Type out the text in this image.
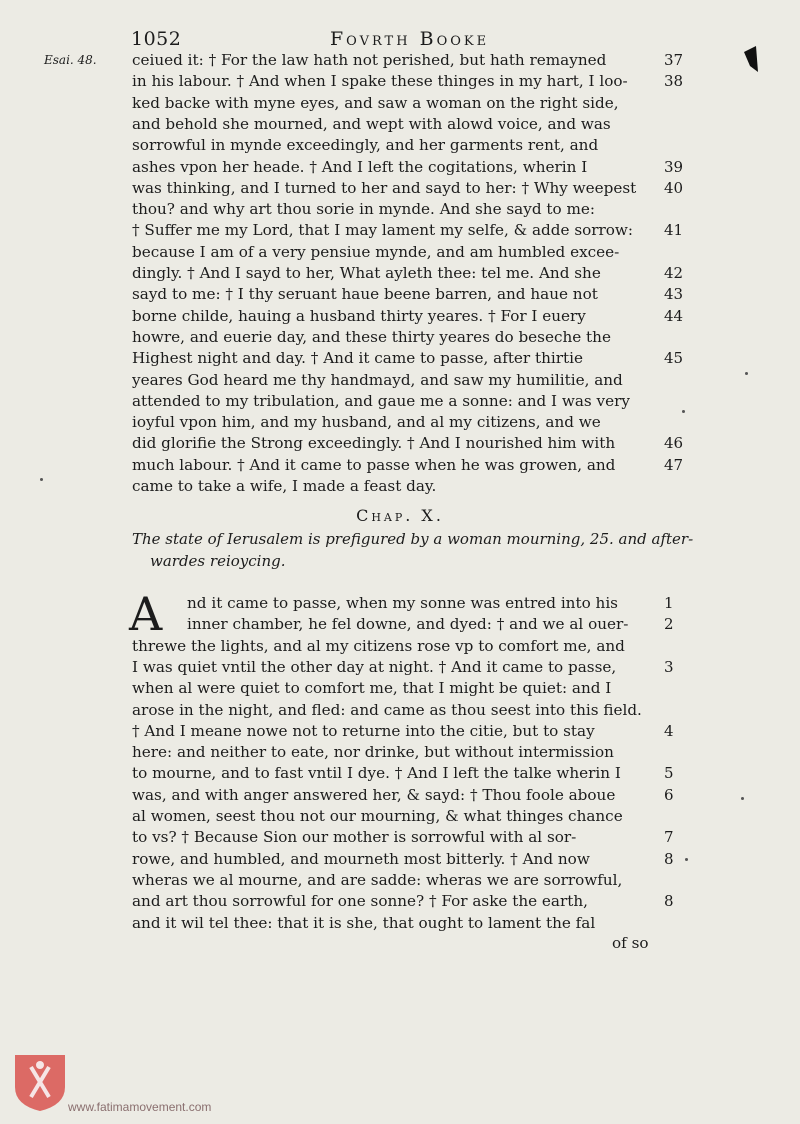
1052	Fovrth Booke
Esai. 48. ceiued it: † For the law hath not perished, but hath remayned	37
in his labour. † And when I spake these thinges in my hart, I loo-	38
ked backe with myne eyes, and saw a woman on the right side,
and behold she mourned, and wept with alowd voice, and was
sorrowful in mynde exceedingly, and her garments rent, and
ashes vpon her heade. † And I left the cogitations, wherin I	39
was thinking, and I turned to her and sayd to her: † Why weepest	40
thou? and why art thou sorie in mynde. And she sayd to me:
† Suffer me my Lord, that I may lament my selfe, & adde sorrow:	41
because I am of a very pensiue mynde, and am humbled excee-
dingly. † And I sayd to her, What ayleth thee: tel me. And she	42
sayd to me: † I thy seruant haue beene barren, and haue not	43
borne childe, hauing a husband thirty yeares. † For I euery	44
howre, and euerie day, and these thirty yeares do beseche the
Highest night and day. † And it came to passe, after thirtie	45
yeares God heard me thy handmayd, and saw my humilitie, and
attended to my tribulation, and gaue me a sonne: and I was very
ioyful vpon him, and my husband, and al my citizens, and we
did glorifie the Strong exceedingly. † And I nourished him with	46
much labour. † And it came to passe when he was growen, and	47
came to take a wife, I made a feast day.
Chap. X.
The state of Ierusalem is prefigured by a woman mourning, 25. and after-
wardes reioycing.
A nd it came to passe, when my sonne was entred into his	1
inner chamber, he fel downe, and dyed: † and we al ouer-	2
threwe the lights, and al my citizens rose vp to comfort me, and
I was quiet vntil the other day at night. † And it came to passe,	3
when al were quiet to comfort me, that I might be quiet: and I
arose in the night, and fled: and came as thou seest into this field.
† And I meane nowe not to returne into the citie, but to stay	4
here: and neither to eate, nor drinke, but without intermission
to mourne, and to fast vntil I dye. † And I left the talke wherin I	5
was, and with anger answered her, & sayd: † Thou foole aboue	6
al women, seest thou not our mourning, & what thinges chance
to vs? † Because Sion our mother is sorrowful with al sor-	7
rowe, and humbled, and mourneth most bitterly. † And now	8
wheras we al mourne, and are sadde: wheras we are sorrowful,
and art thou sorrowful for one sonne? † For aske the earth,	8
and it wil tel thee: that it is she, that ought to lament the fal
of so
www.fatimamovement.com
